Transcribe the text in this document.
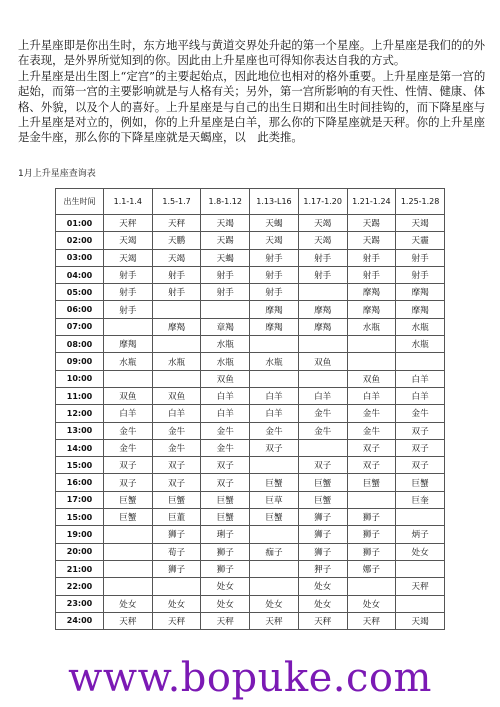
上升星座即是你出生时，东方地平线与黄道交界处升起的第一个星座。上升星座是我们的的外在表现，是外界所觉知到的你。因此由上升星座也可得知你表达自我的方式。

上升星座是出生图上“定宫”的主要起始点，因此地位也相对的格外重要。上升星座是第一宫的起始，而第一宫的主要影响就是与人格有关；另外，第一宫所影响的有天性、性情、健康、体格、外貌，以及个人的喜好。上升星座是与自己的出生日期和出生时间挂钩的，而下降星座与上升星座是对立的，例如，你的上升星座是白羊，那么你的下降星座就是天秤。你的上升星座是金牛座，那么你的下降星座就是天蝎座，以　此类推。

1月上升星座查询表
出生时间	1.1-1.4	1.5-1.7	1.8-1.12	1.13-L16	1.17-1.20	1.21-1.24	1.25-1.28
01:00	天秤	天秤	天竭	天蝎	天竭	天踢	天竭
02:00	天竭	天鹏	天踢	天竭	天竭	天踢	天霾
03:00	天竭	天竭	天蝎	射手	射手	射手	射手
04:00	射手	射手	射手	射手	射手	射手	射手
05:00	射手	射手	射手	射手		摩羯	摩羯
06:00	射手			摩羯	摩羯	摩羯	摩羯
07:00		摩羯	章羯	摩羯	摩羯	水瓶	水瓶
08:00	摩羯		水瓶				水瓶
09:00	水瓶	水瓶	水瓶	水瓶	双鱼		
10:00			双鱼			双鱼	白羊
11:00	双鱼	双鱼	白羊	白羊	白羊	白羊	白羊
12:00	白羊	白羊	白羊	白羊	金牛	金牛	金牛
13:00	金牛	金牛	金牛	金牛	金牛	金牛	双子
14:00	金牛	金牛	金牛	双子		双子	双子
15:00	双子	双子	双子		双子	双子	双子
16:00	双子	双子	双子	巨蟹	巨蟹	巨蟹	巨蟹
17:00	巨蟹	巨蟹	巨蟹	巨草	巨蟹		巨奎
15:00	巨蟹	巨董	巨蟹	巨蟹	狮子	狮子	
19:00		狮子	琍子		狮子	狮子	炳子
20:00		荀子	狮子	痂子	狮子	狮子	处女
21:00		狮子	狮子		狎子	娜子	
22:00			处女		处女		天秤
23:00	处女	处女	处女	处女	处女	处女	
24:00	天秤	天秤	天秤	天秤	天秤	天秤	天竭
www.bopuke.com
